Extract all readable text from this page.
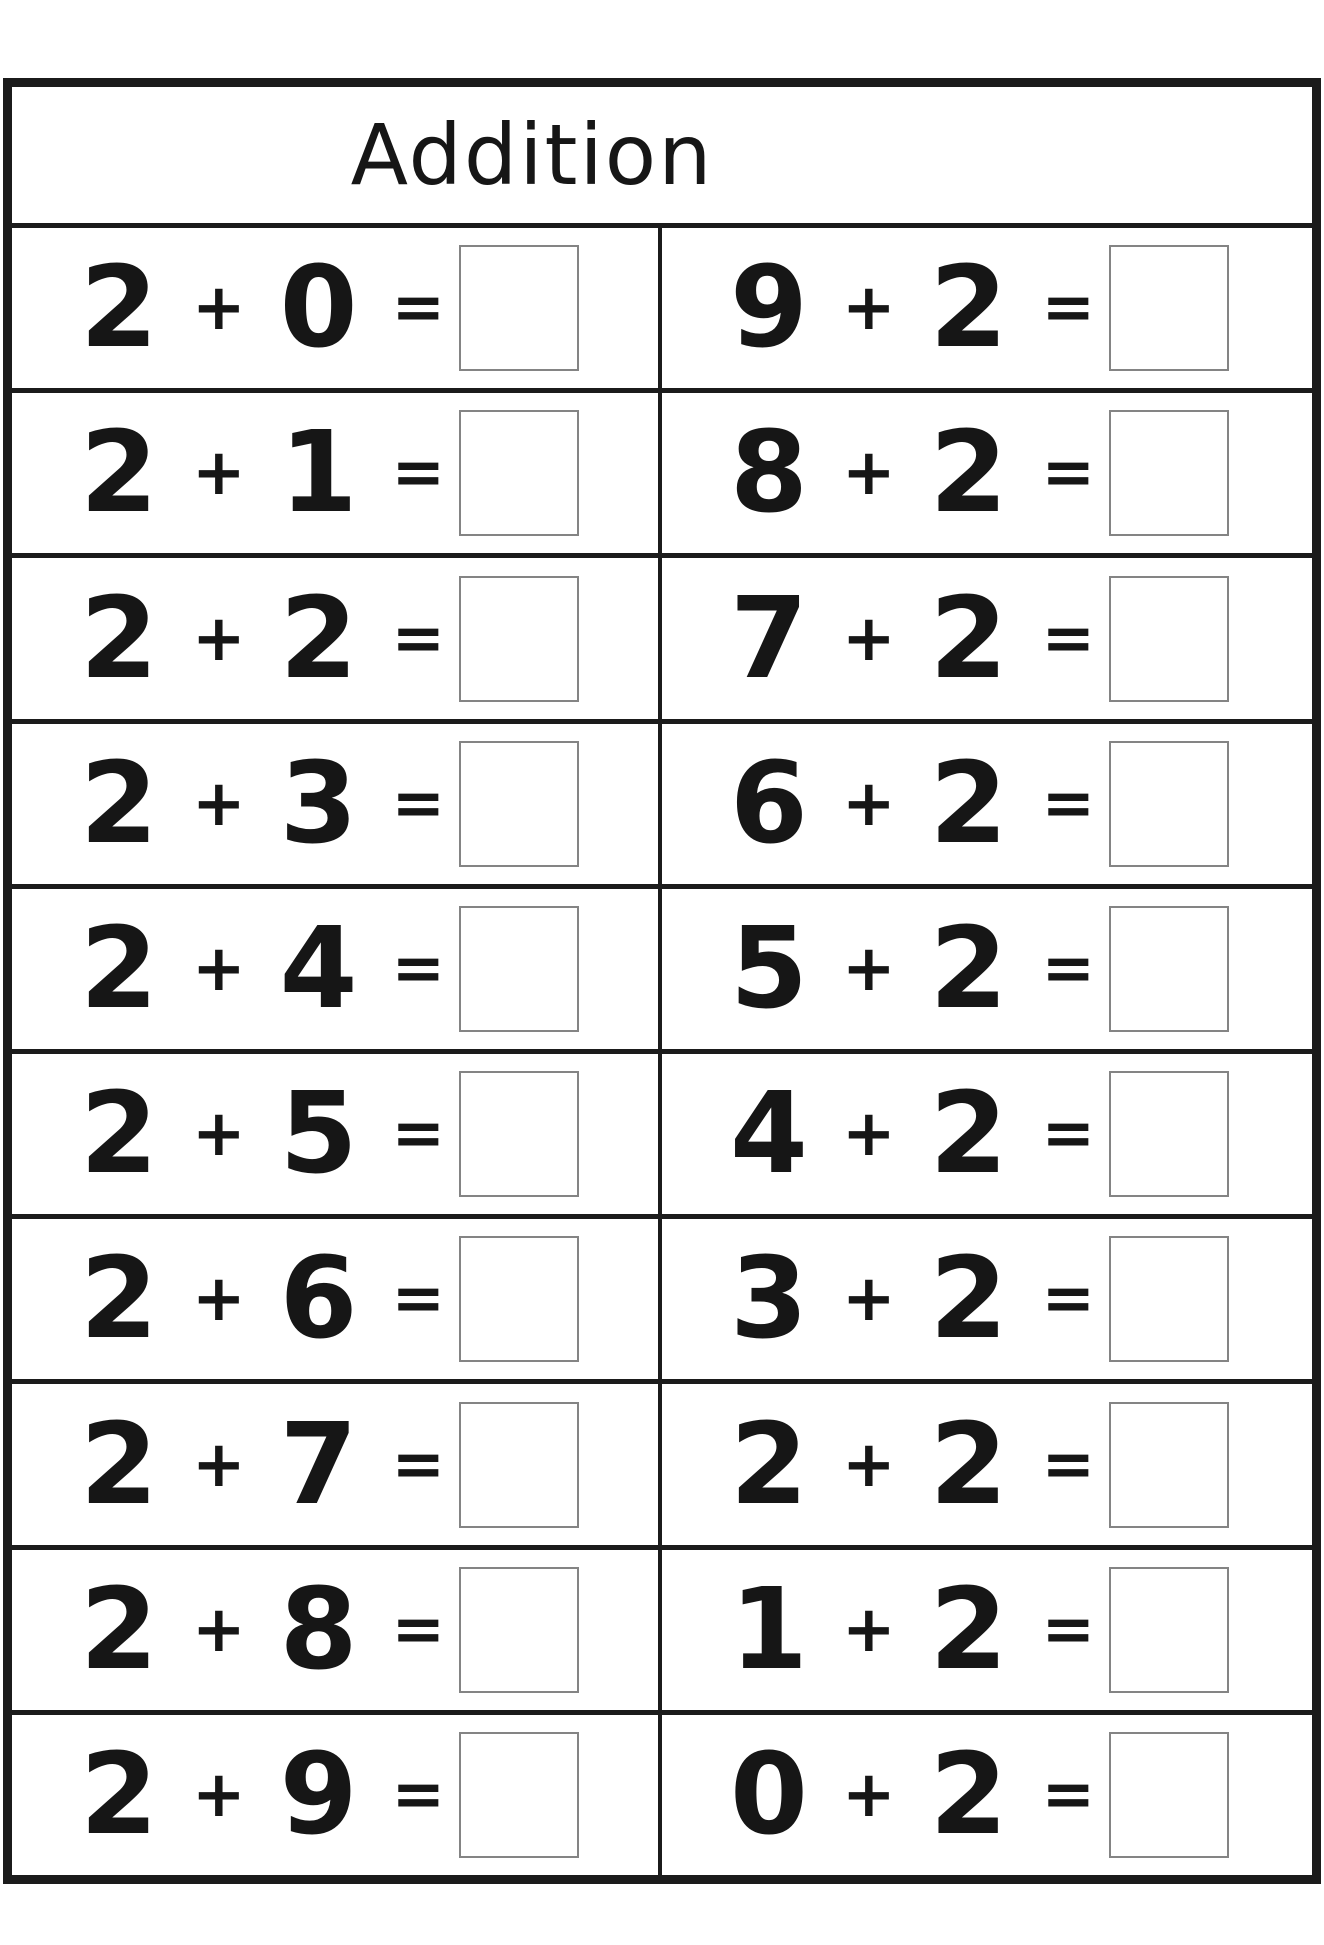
Addition
2 + 0 =	9 + 2 =
2 + 1 =	8 + 2 =
2 + 2 =	7 + 2 =
2 + 3 =	6 + 2 =
2 + 4 =	5 + 2 =
2 + 5 =	4 + 2 =
2 + 6 =	3 + 2 =
2 + 7 =	2 + 2 =
2 + 8 =	1 + 2 =
2 + 9 =	0 + 2 =
